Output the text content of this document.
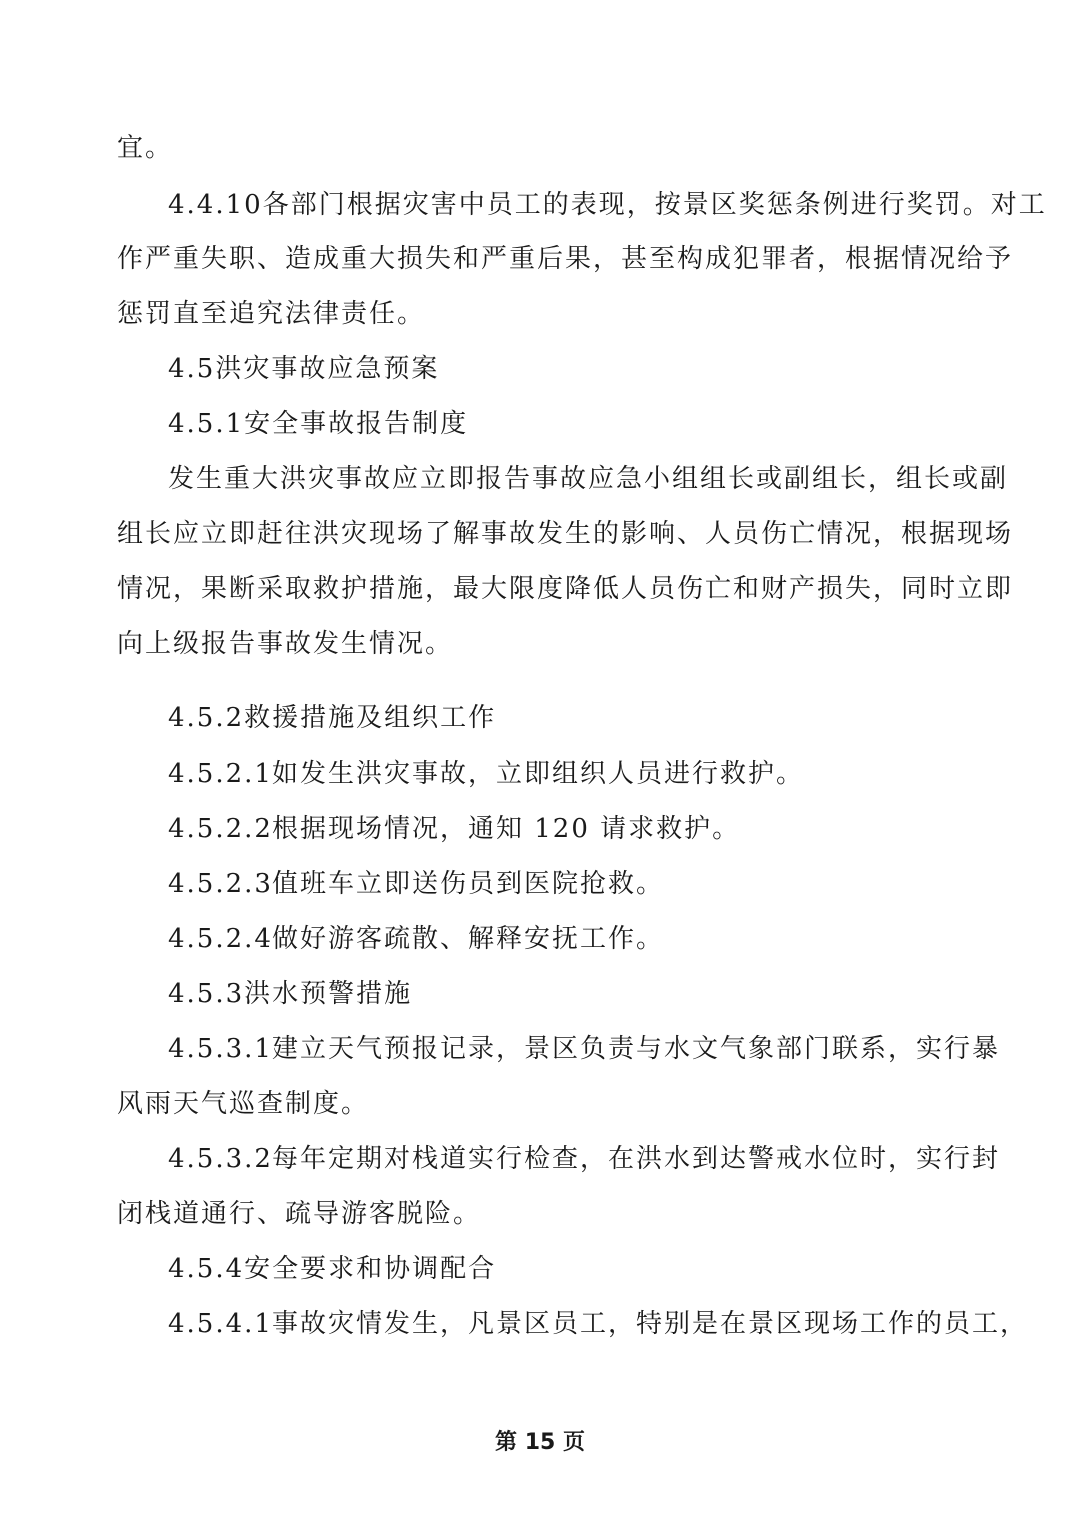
宜。
4.4.10各部门根据灾害中员工的表现，按景区奖惩条例进行奖罚。对工
作严重失职、造成重大损失和严重后果，甚至构成犯罪者，根据情况给予
惩罚直至追究法律责任。
4.5洪灾事故应急预案
4.5.1安全事故报告制度
发生重大洪灾事故应立即报告事故应急小组组长或副组长，组长或副
组长应立即赶往洪灾现场了解事故发生的影响、人员伤亡情况，根据现场
情况，果断采取救护措施，最大限度降低人员伤亡和财产损失，同时立即
向上级报告事故发生情况。
4.5.2救援措施及组织工作
4.5.2.1如发生洪灾事故，立即组织人员进行救护。
4.5.2.2根据现场情况，通知 120 请求救护。
4.5.2.3值班车立即送伤员到医院抢救。
4.5.2.4做好游客疏散、解释安抚工作。
4.5.3洪水预警措施
4.5.3.1建立天气预报记录，景区负责与水文气象部门联系，实行暴
风雨天气巡查制度。
4.5.3.2每年定期对栈道实行检查，在洪水到达警戒水位时，实行封
闭栈道通行、疏导游客脱险。
4.5.4安全要求和协调配合
4.5.4.1事故灾情发生，凡景区员工，特别是在景区现场工作的员工，
第 15 页
